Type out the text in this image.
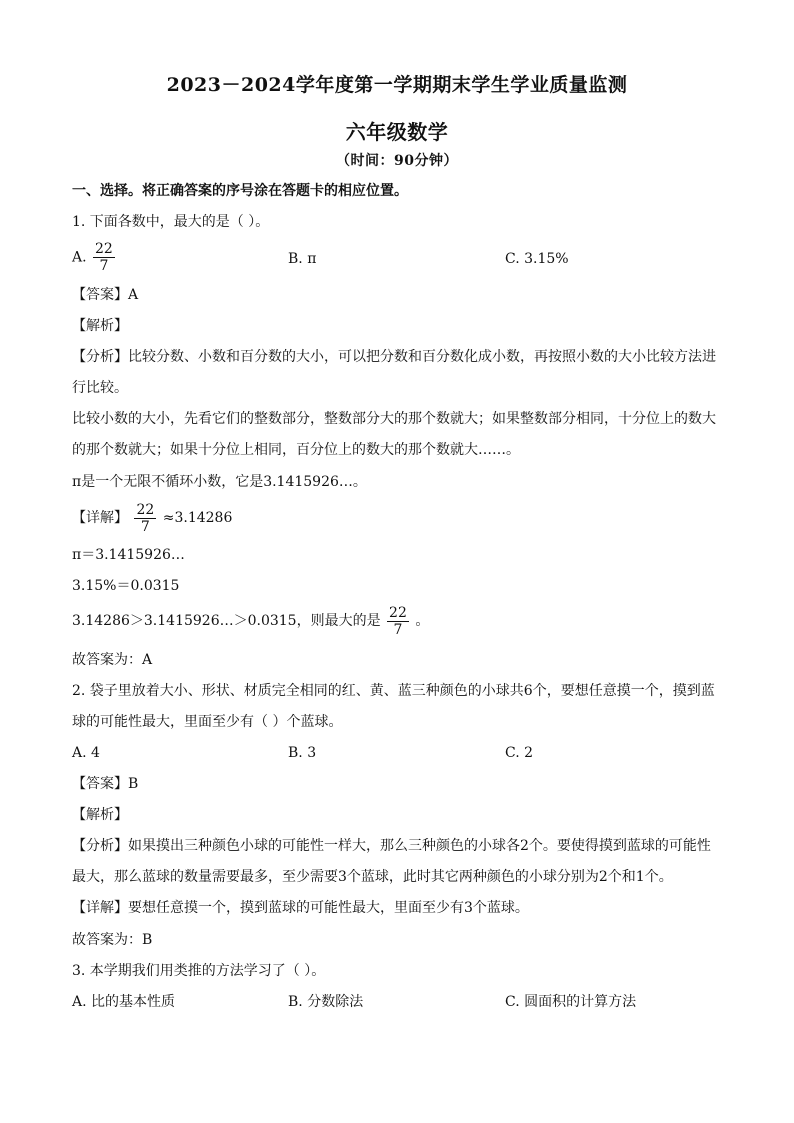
2023－2024学年度第一学期期末学生学业质量监测
六年级数学
（时间：90分钟）
一、选择。将正确答案的序号涂在答题卡的相应位置。
1. 下面各数中，最大的是（ ）。
A. $\frac{22}{7}$	B. π	C. 3.15%
【答案】A
【解析】
【分析】比较分数、小数和百分数的大小，可以把分数和百分数化成小数，再按照小数的大小比较方法进
行比较。
比较小数的大小，先看它们的整数部分，整数部分大的那个数就大；如果整数部分相同，十分位上的数大
的那个数就大；如果十分位上相同，百分位上的数大的那个数就大……。
π是一个无限不循环小数，它是3.1415926…。
【详解】 $\frac{22}{7} \approx 3.14286$
π＝3.1415926…
3.15%＝0.0315
3.14286＞3.1415926…＞0.0315，则最大的是 $\frac{22}{7}$ 。
故答案为：A
2. 袋子里放着大小、形状、材质完全相同的红、黄、蓝三种颜色的小球共6个，要想任意摸一个，摸到蓝
球的可能性最大，里面至少有（ ）个蓝球。
A. 4	B. 3	C. 2
【答案】B
【解析】
【分析】如果摸出三种颜色小球的可能性一样大，那么三种颜色的小球各2个。要使得摸到蓝球的可能性
最大，那么蓝球的数量需要最多，至少需要3个蓝球，此时其它两种颜色的小球分别为2个和1个。
【详解】要想任意摸一个，摸到蓝球的可能性最大，里面至少有3个蓝球。
故答案为：B
3. 本学期我们用类推的方法学习了（ ）。
A. 比的基本性质	B. 分数除法	C. 圆面积的计算方法
